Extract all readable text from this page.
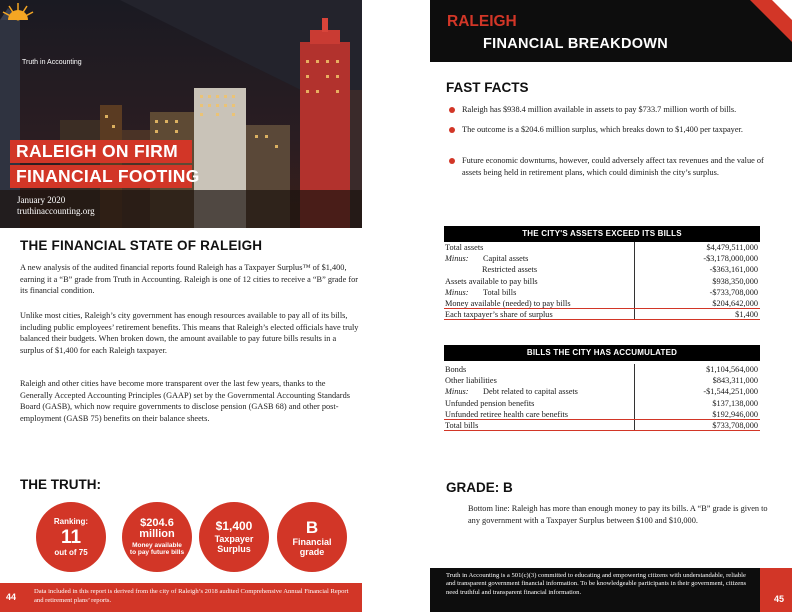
Truth in Accounting
RALEIGH ON FIRM
FINANCIAL FOOTING
January 2020
truthinaccounting.org
THE FINANCIAL STATE OF RALEIGH
A new analysis of the audited financial reports found Raleigh has a Taxpayer Surplus™ of $1,400, earning it a “B” grade from Truth in Accounting. Raleigh is one of 12 cities to receive a “B” grade for its financial condition.
Unlike most cities, Raleigh’s city government has enough resources available to pay all of its bills, including public employees’ retirement benefits. This means that Raleigh’s elected officials have truly balanced their budgets. When broken down, the amount available to pay future bills results in a surplus of $1,400 for each Raleigh taxpayer.
Raleigh and other cities have become more transparent over the last few years, thanks to the Generally Accepted Accounting Principles (GAAP) set by the Governmental Accounting Standards Board (GASB), which now require governments to disclose pension (GASB 68) and other post-employment (GASB 75) benefits on their balance sheets.
THE TRUTH:
Ranking:
11
out of 75
$204.6
million
Money available to pay future bills
$1,400
Taxpayer Surplus
B
Financial grade
44
Data included in this report is derived from the city of Raleigh’s 2018 audited Comprehensive Annual Financial Report and retirement plans’ reports.
RALEIGH
FINANCIAL BREAKDOWN
FAST FACTS
Raleigh has $938.4 million available in assets to pay $733.7 million worth of bills.
The outcome is a $204.6 million surplus, which breaks down to $1,400 per taxpayer.
Future economic downturns, however, could adversely affect tax revenues and the value of assets being held in retirement plans, which could diminish the city’s surplus.
THE CITY'S ASSETS EXCEED ITS BILLS
Total assets	$4,479,511,000
Minus: Capital assets	-$3,178,000,000
Restricted assets	-$363,161,000
Assets available to pay bills	$938,350,000
Minus: Total bills	-$733,708,000
Money available (needed) to pay bills	$204,642,000
Each taxpayer’s share of surplus	$1,400
BILLS THE CITY HAS ACCUMULATED
Bonds	$1,104,564,000
Other liabilities	$843,311,000
Minus: Debt related to capital assets	-$1,544,251,000
Unfunded pension benefits	$137,138,000
Unfunded retiree health care benefits	$192,946,000
Total bills	$733,708,000
GRADE: B
Bottom line: Raleigh has more than enough money to pay its bills. A “B” grade is given to any government with a Taxpayer Surplus between $100 and $10,000.
Truth in Accounting is a 501(c)(3) committed to educating and empowering citizens with understandable, reliable and transparent government financial information. To be knowledgeable participants in their government, citizens need truthful and transparent financial information.
45
